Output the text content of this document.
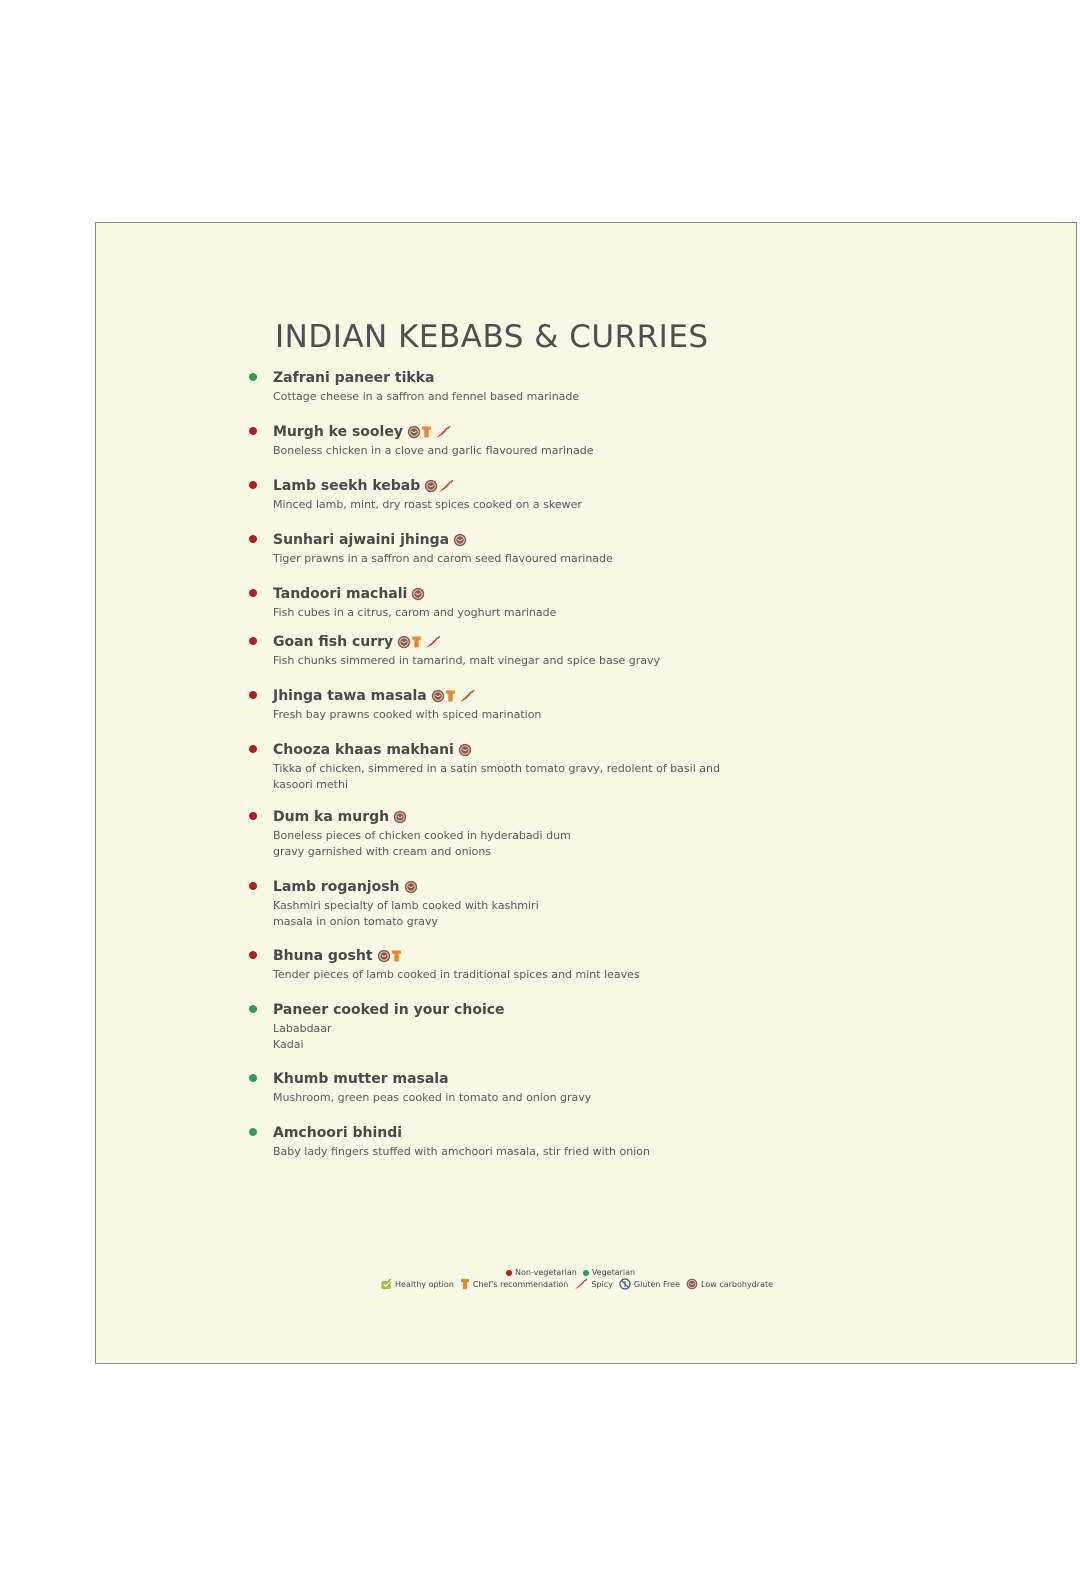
INDIAN KEBABS & CURRIES
Zafrani paneer tikka
Cottage cheese in a saffron and fennel based marinade
Murgh ke sooley
Boneless chicken in a clove and garlic flavoured marinade
Lamb seekh kebab
Minced lamb, mint, dry roast spices cooked on a skewer
Sunhari ajwaini jhinga
Tiger prawns in a saffron and carom seed flavoured marinade
Tandoori machali
Fish cubes in a citrus, carom and yoghurt marinade
Goan fish curry
Fish chunks simmered in tamarind, malt vinegar and spice base gravy
Jhinga tawa masala
Fresh bay prawns cooked with spiced marination
Chooza khaas makhani
Tikka of chicken, simmered in a satin smooth tomato gravy, redolent of basil and
kasoori methi
Dum ka murgh
Boneless pieces of chicken cooked in hyderabadi dum
gravy garnished with cream and onions
Lamb roganjosh
Kashmiri specialty of lamb cooked with kashmiri
masala in onion tomato gravy
Bhuna gosht
Tender pieces of lamb cooked in traditional spices and mint leaves
Paneer cooked in your choice
Lababdaar
Kadai
Khumb mutter masala
Mushroom, green peas cooked in tomato and onion gravy
Amchoori bhindi
Baby lady fingers stuffed with amchoori masala, stir fried with onion
Non-vegetarian Vegetarian
Healthy option Chef's recommendation	Spicy	Gluten Free	Low carbohydrate
